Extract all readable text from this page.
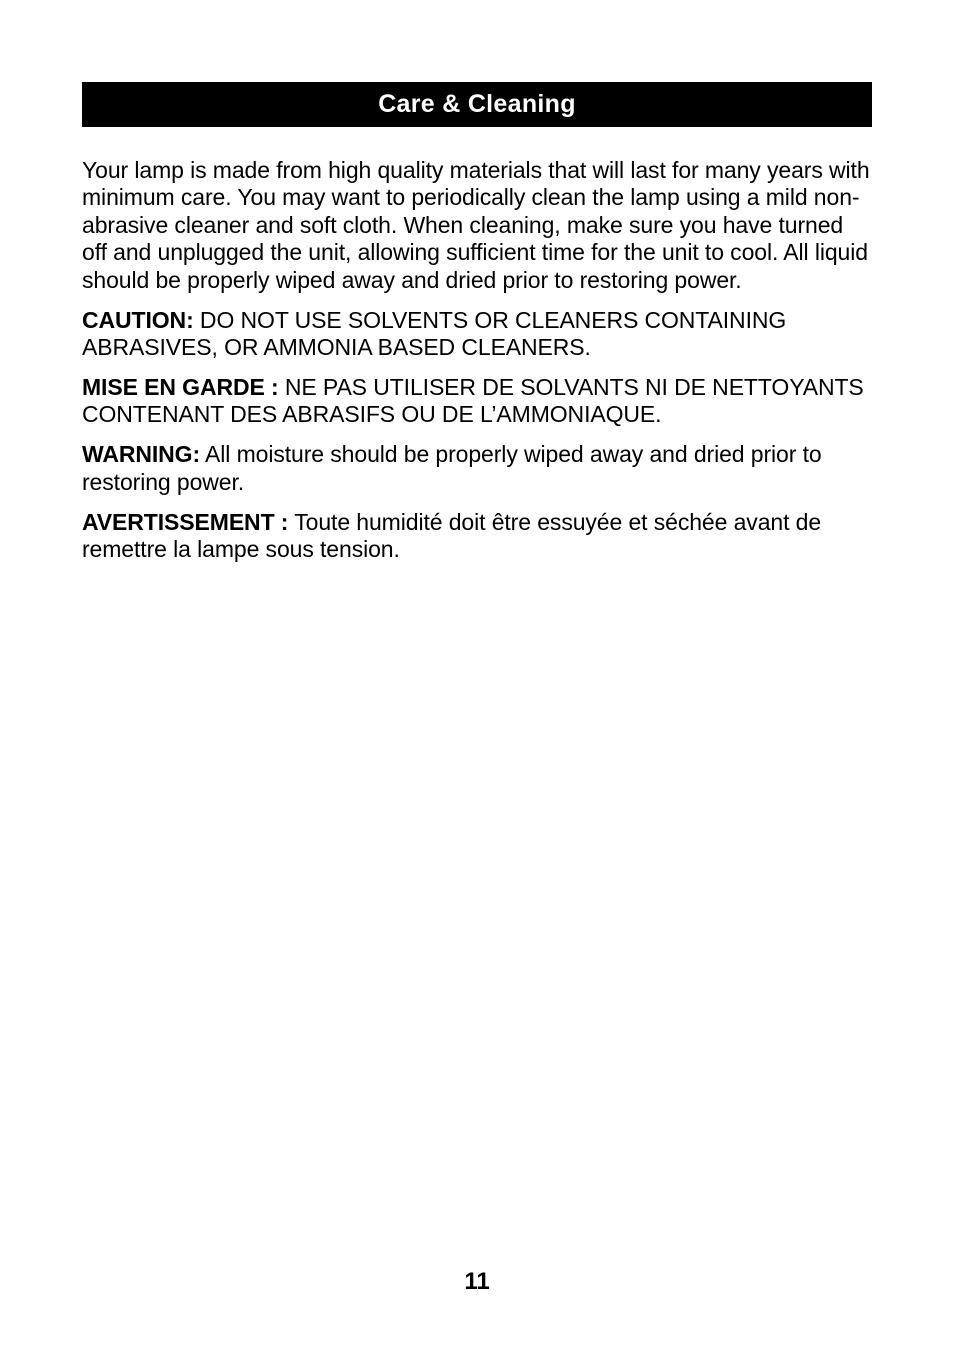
Care & Cleaning

Your lamp is made from high quality materials that will last for many years with minimum care. You may want to periodically clean the lamp using a mild non-abrasive cleaner and soft cloth. When cleaning, make sure you have turned off and unplugged the unit, allowing sufficient time for the unit to cool. All liquid should be properly wiped away and dried prior to restoring power.

CAUTION: DO NOT USE SOLVENTS OR CLEANERS CONTAINING ABRASIVES, OR AMMONIA BASED CLEANERS.

MISE EN GARDE : NE PAS UTILISER DE SOLVANTS NI DE NETTOYANTS CONTENANT DES ABRASIFS OU DE L’AMMONIAQUE.

WARNING: All moisture should be properly wiped away and dried prior to restoring power.

AVERTISSEMENT : Toute humidité doit être essuyée et séchée avant de remettre la lampe sous tension.

11
